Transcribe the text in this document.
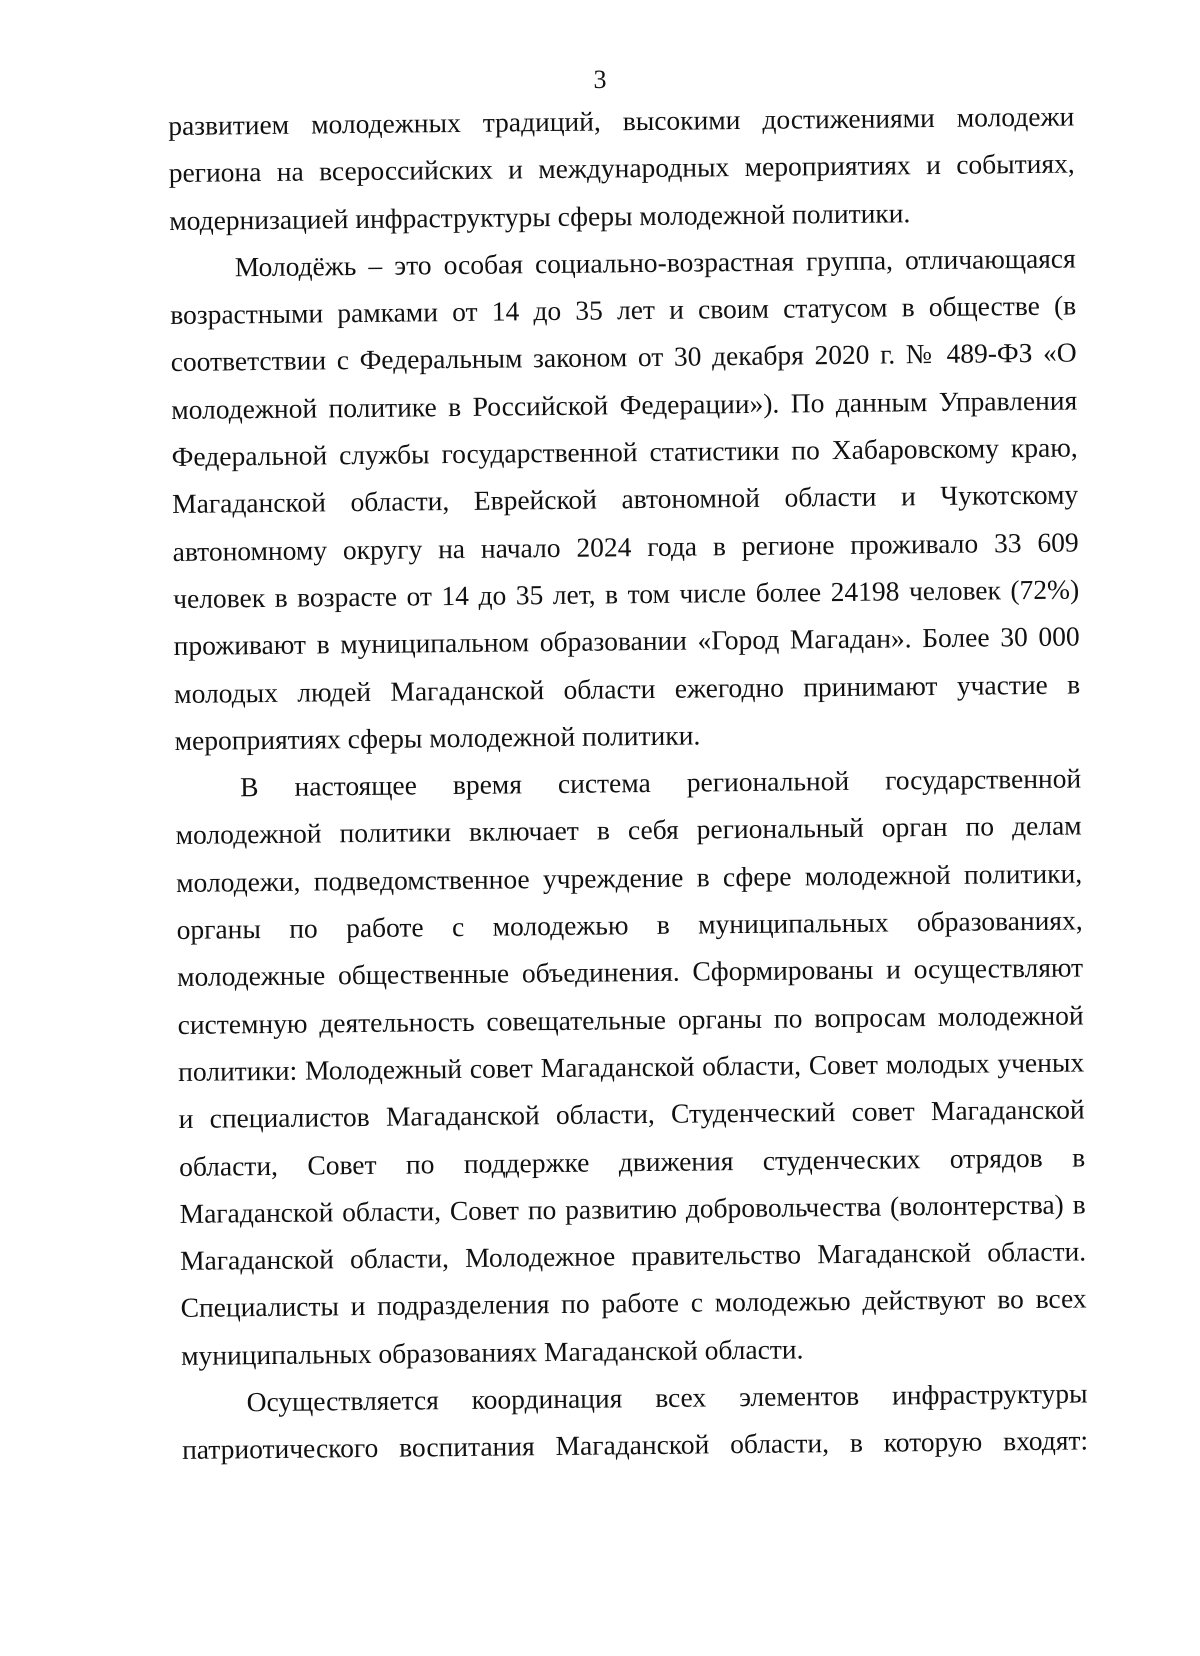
3

развитием молодежных традиций, высокими достижениями молодежи региона на всероссийских и международных мероприятиях и событиях, модернизацией инфраструктуры сферы молодежной политики.

Молодёжь – это особая социально-возрастная группа, отличающаяся возрастными рамками от 14 до 35 лет и своим статусом в обществе (в соответствии с Федеральным законом от 30 декабря 2020 г. № 489-ФЗ «О молодежной политике в Российской Федерации»). По данным Управления Федеральной службы государственной статистики по Хабаровскому краю, Магаданской области, Еврейской автономной области и Чукотскому автономному округу на начало 2024 года в регионе проживало 33 609 человек в возрасте от 14 до 35 лет, в том числе более 24198 человек (72%) проживают в муниципальном образовании «Город Магадан». Более 30 000 молодых людей Магаданской области ежегодно принимают участие в мероприятиях сферы молодежной политики.

В настоящее время система региональной государственной молодежной политики включает в себя региональный орган по делам молодежи, подведомственное учреждение в сфере молодежной политики, органы по работе с молодежью в муниципальных образованиях, молодежные общественные объединения. Сформированы и осуществляют системную деятельность совещательные органы по вопросам молодежной политики: Молодежный совет Магаданской области, Совет молодых ученых и специалистов Магаданской области, Студенческий совет Магаданской области, Совет по поддержке движения студенческих отрядов в Магаданской области, Совет по развитию добровольчества (волонтерства) в Магаданской области, Молодежное правительство Магаданской области. Специалисты и подразделения по работе с молодежью действуют во всех муниципальных образованиях Магаданской области.

Осуществляется координация всех элементов инфраструктуры патриотического воспитания Магаданской области, в которую входят:
